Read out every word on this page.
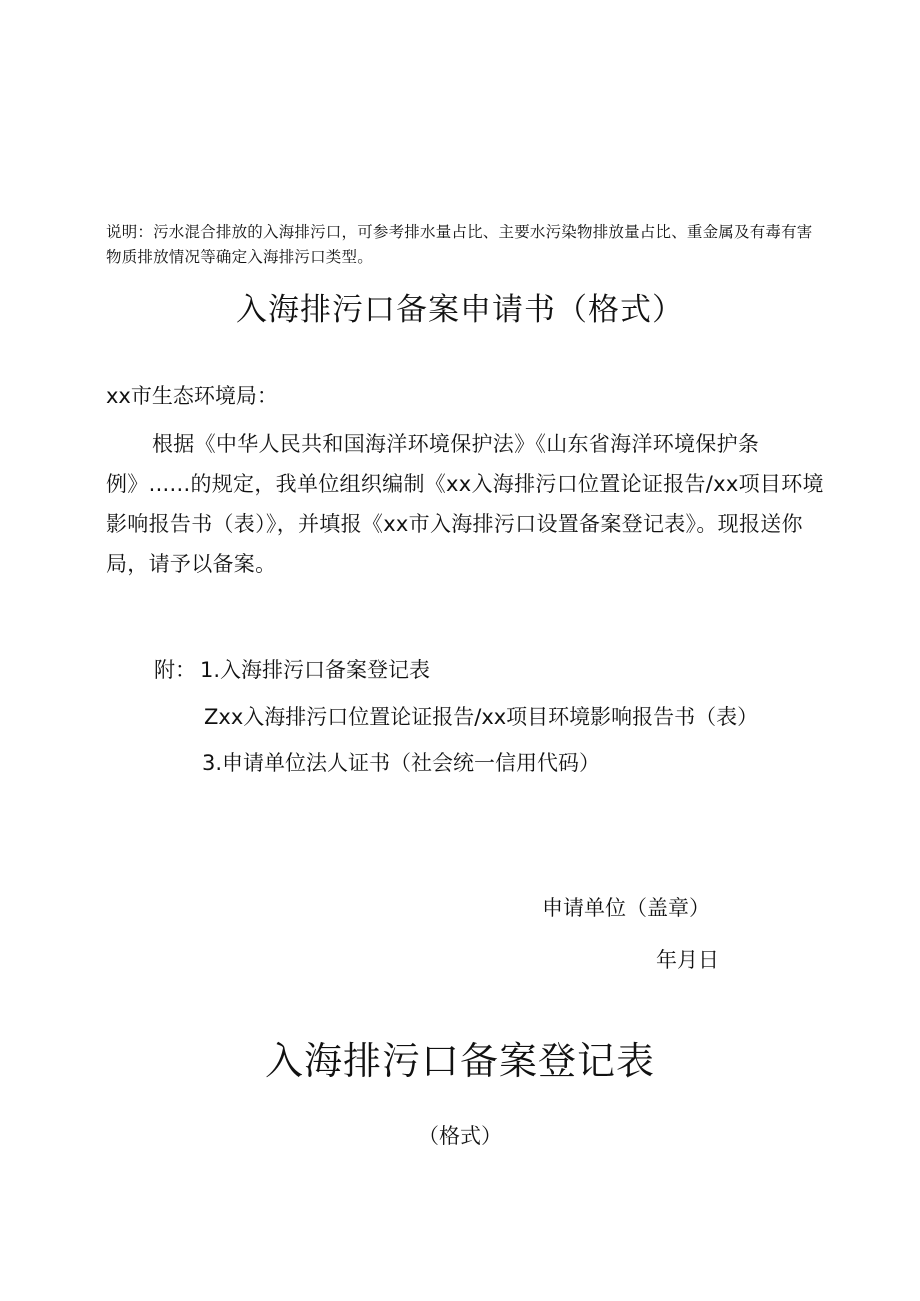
说明：污水混合排放的入海排污口，可参考排水量占比、主要水污染物排放量占比、重金属及有毒有害物质排放情况等确定入海排污口类型。
入海排污口备案申请书（格式）
xx市生态环境局：
根据《中华人民共和国海洋环境保护法》《山东省海洋环境保护条例》......的规定，我单位组织编制《xx入海排污口位置论证报告/xx项目环境影响报告书（表）》，并填报《xx市入海排污口设置备案登记表》。现报送你局，请予以备案。
附： 1.入海排污口备案登记表
Zxx入海排污口位置论证报告/xx项目环境影响报告书（表）
3.申请单位法人证书（社会统一信用代码）
申请单位（盖章）
年月日
入海排污口备案登记表
（格式）
